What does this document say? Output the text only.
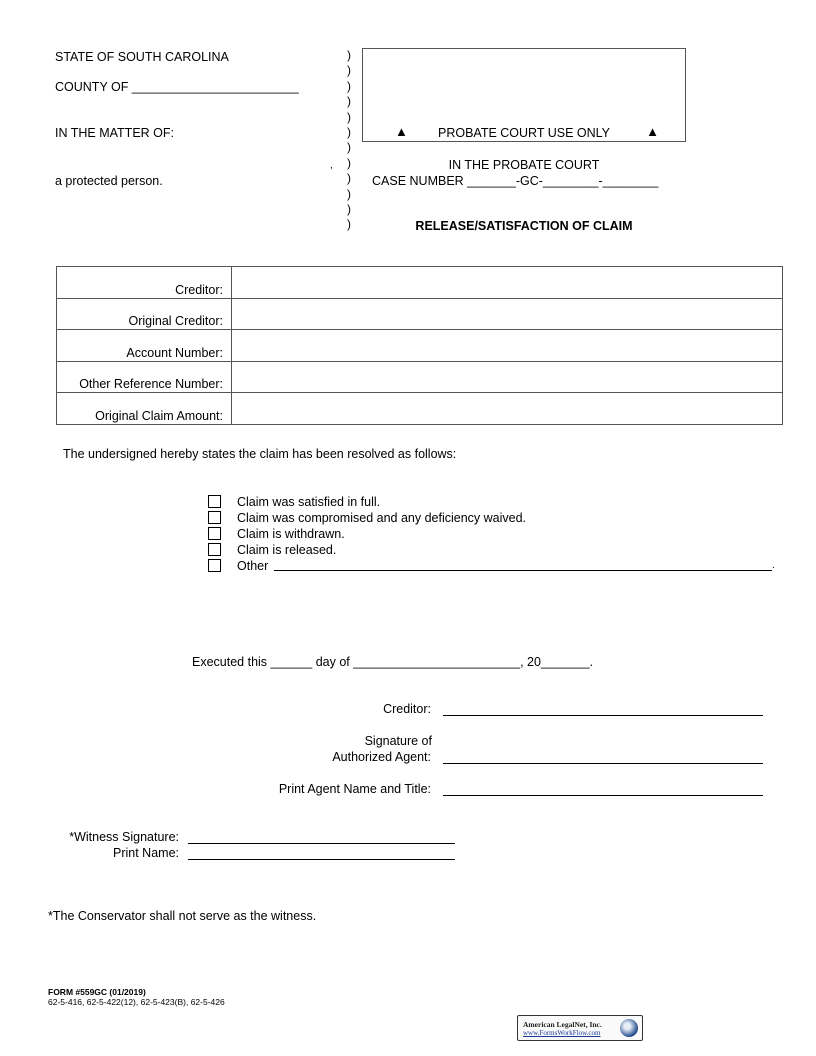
STATE OF SOUTH CAROLINA
COUNTY OF ________________________
IN THE MATTER OF:
,
a protected person.
)
)
)
)
)
)
)
)
)
)
)
)
▲	PROBATE COURT USE ONLY	▲
IN THE PROBATE COURT
CASE NUMBER _______-GC-________-________
RELEASE/SATISFACTION OF CLAIM
Creditor:	
Original Creditor:	
Account Number:	
Other Reference Number:	
Original Claim Amount:	
The undersigned hereby states the claim has been resolved as follows:
Claim was satisfied in full.
Claim was compromised and any deficiency waived.
Claim is withdrawn.
Claim is released.
Other	.
Executed this ______ day of ________________________, 20_______.
Creditor:
Signature of
Authorized Agent:
Print Agent Name and Title:
*Witness Signature:
Print Name:
*The Conservator shall not serve as the witness.
FORM #559GC (01/2019)
62-5-416, 62-5-422(12), 62-5-423(B), 62-5-426
American LegalNet, Inc.
www.FormsWorkFlow.com
